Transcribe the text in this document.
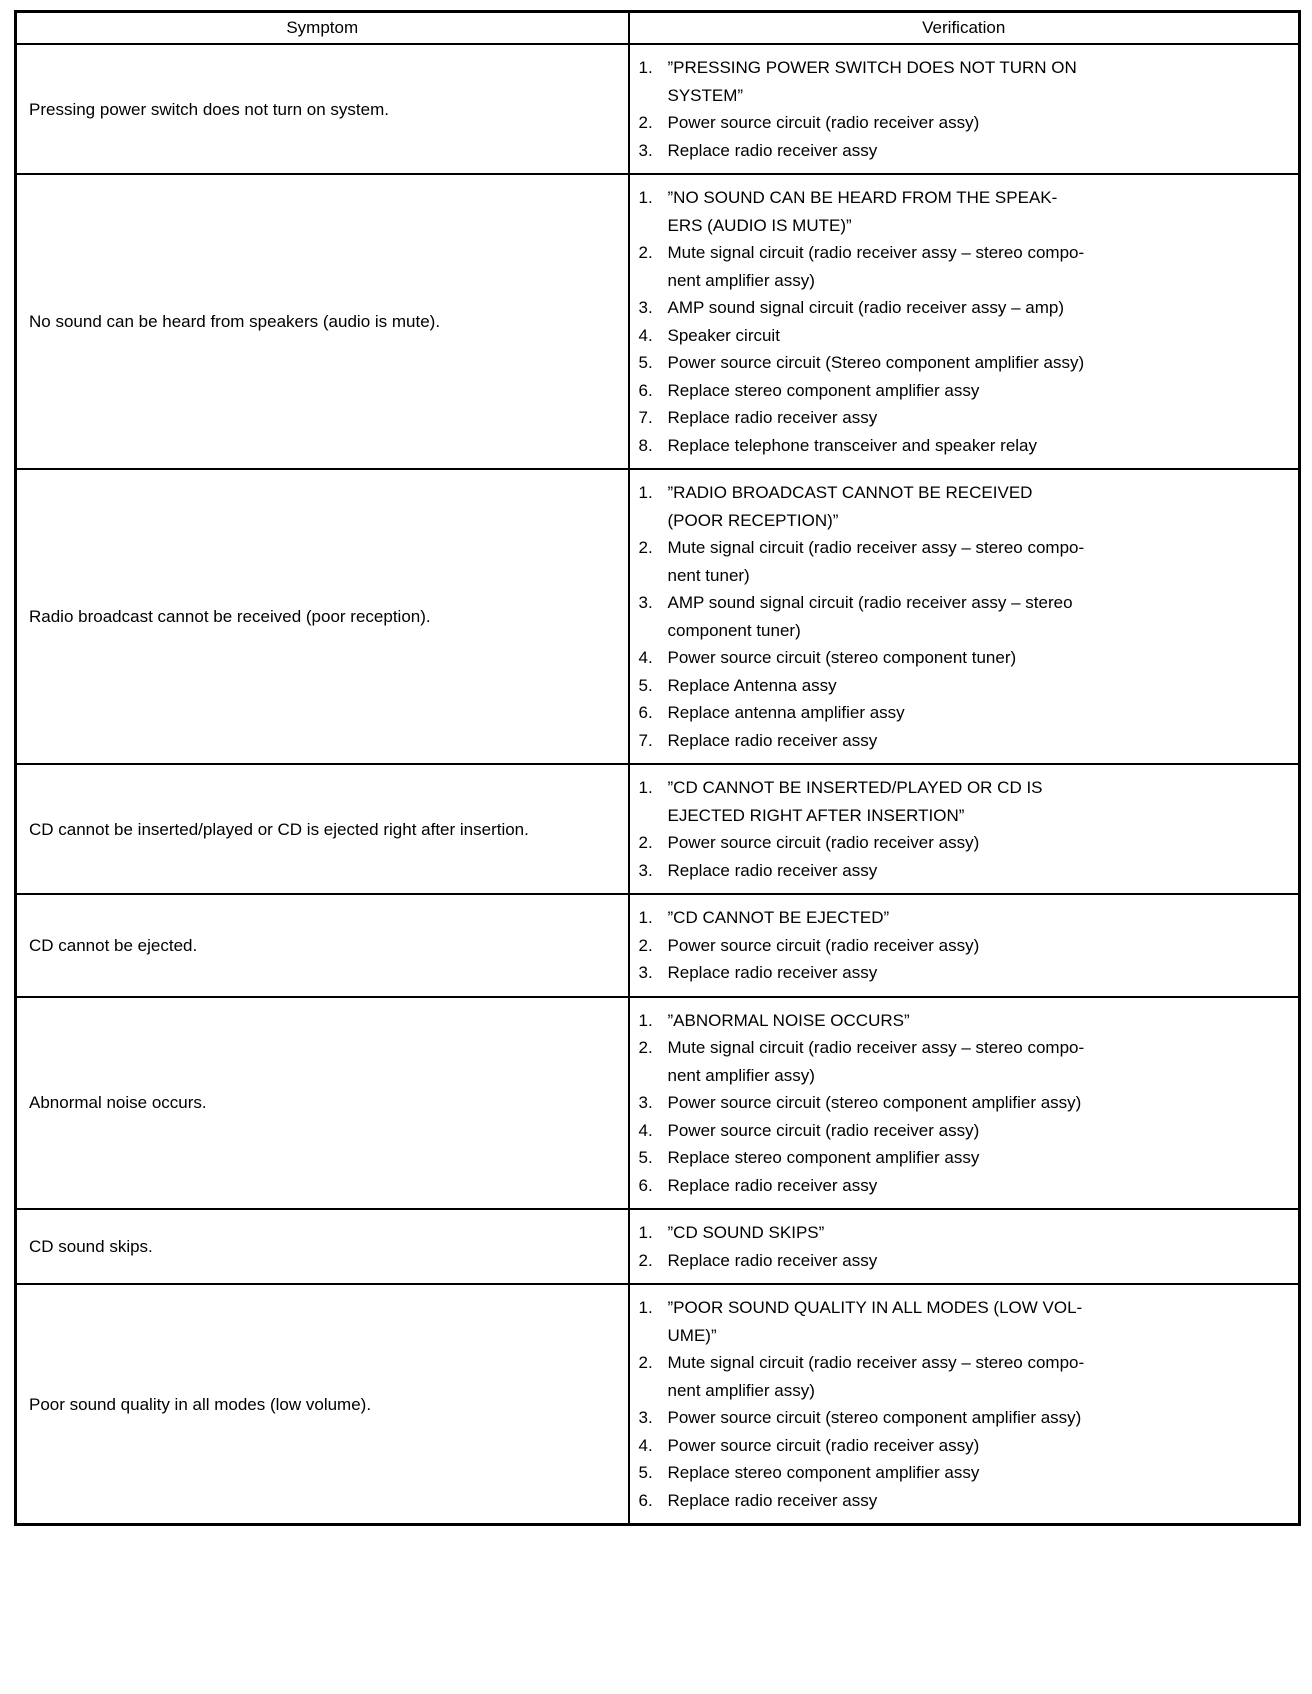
Symptom	Verification

Pressing power switch does not turn on system.

1. ”PRESSING POWER SWITCH DOES NOT TURN ON
SYSTEM”
2. Power source circuit (radio receiver assy)
3. Replace radio receiver assy

No sound can be heard from speakers (audio is mute).

1. ”NO SOUND CAN BE HEARD FROM THE SPEAK-
ERS (AUDIO IS MUTE)”
2. Mute signal circuit (radio receiver assy – stereo compo-
nent amplifier assy)
3. AMP sound signal circuit (radio receiver assy – amp)
4. Speaker circuit
5. Power source circuit (Stereo component amplifier assy)
6. Replace stereo component amplifier assy
7. Replace radio receiver assy
8. Replace telephone transceiver and speaker relay

Radio broadcast cannot be received (poor reception).

1. ”RADIO BROADCAST CANNOT BE RECEIVED
(POOR RECEPTION)”
2. Mute signal circuit (radio receiver assy – stereo compo-
nent tuner)
3. AMP sound signal circuit (radio receiver assy – stereo
component tuner)
4. Power source circuit (stereo component tuner)
5. Replace Antenna assy
6. Replace antenna amplifier assy
7. Replace radio receiver assy

CD cannot be inserted/played or CD is ejected right after insertion.

1. ”CD CANNOT BE INSERTED/PLAYED OR CD IS
EJECTED RIGHT AFTER INSERTION”
2. Power source circuit (radio receiver assy)
3. Replace radio receiver assy

CD cannot be ejected.

1. ”CD CANNOT BE EJECTED”
2. Power source circuit (radio receiver assy)
3. Replace radio receiver assy

Abnormal noise occurs.

1. ”ABNORMAL NOISE OCCURS”
2. Mute signal circuit (radio receiver assy – stereo compo-
nent amplifier assy)
3. Power source circuit (stereo component amplifier assy)
4. Power source circuit (radio receiver assy)
5. Replace stereo component amplifier assy
6. Replace radio receiver assy

CD sound skips.	1. ”CD SOUND SKIPS”
2. Replace radio receiver assy

Poor sound quality in all modes (low volume).

1. ”POOR SOUND QUALITY IN ALL MODES (LOW VOL-
UME)”
2. Mute signal circuit (radio receiver assy – stereo compo-
nent amplifier assy)
3. Power source circuit (stereo component amplifier assy)
4. Power source circuit (radio receiver assy)
5. Replace stereo component amplifier assy
6. Replace radio receiver assy
